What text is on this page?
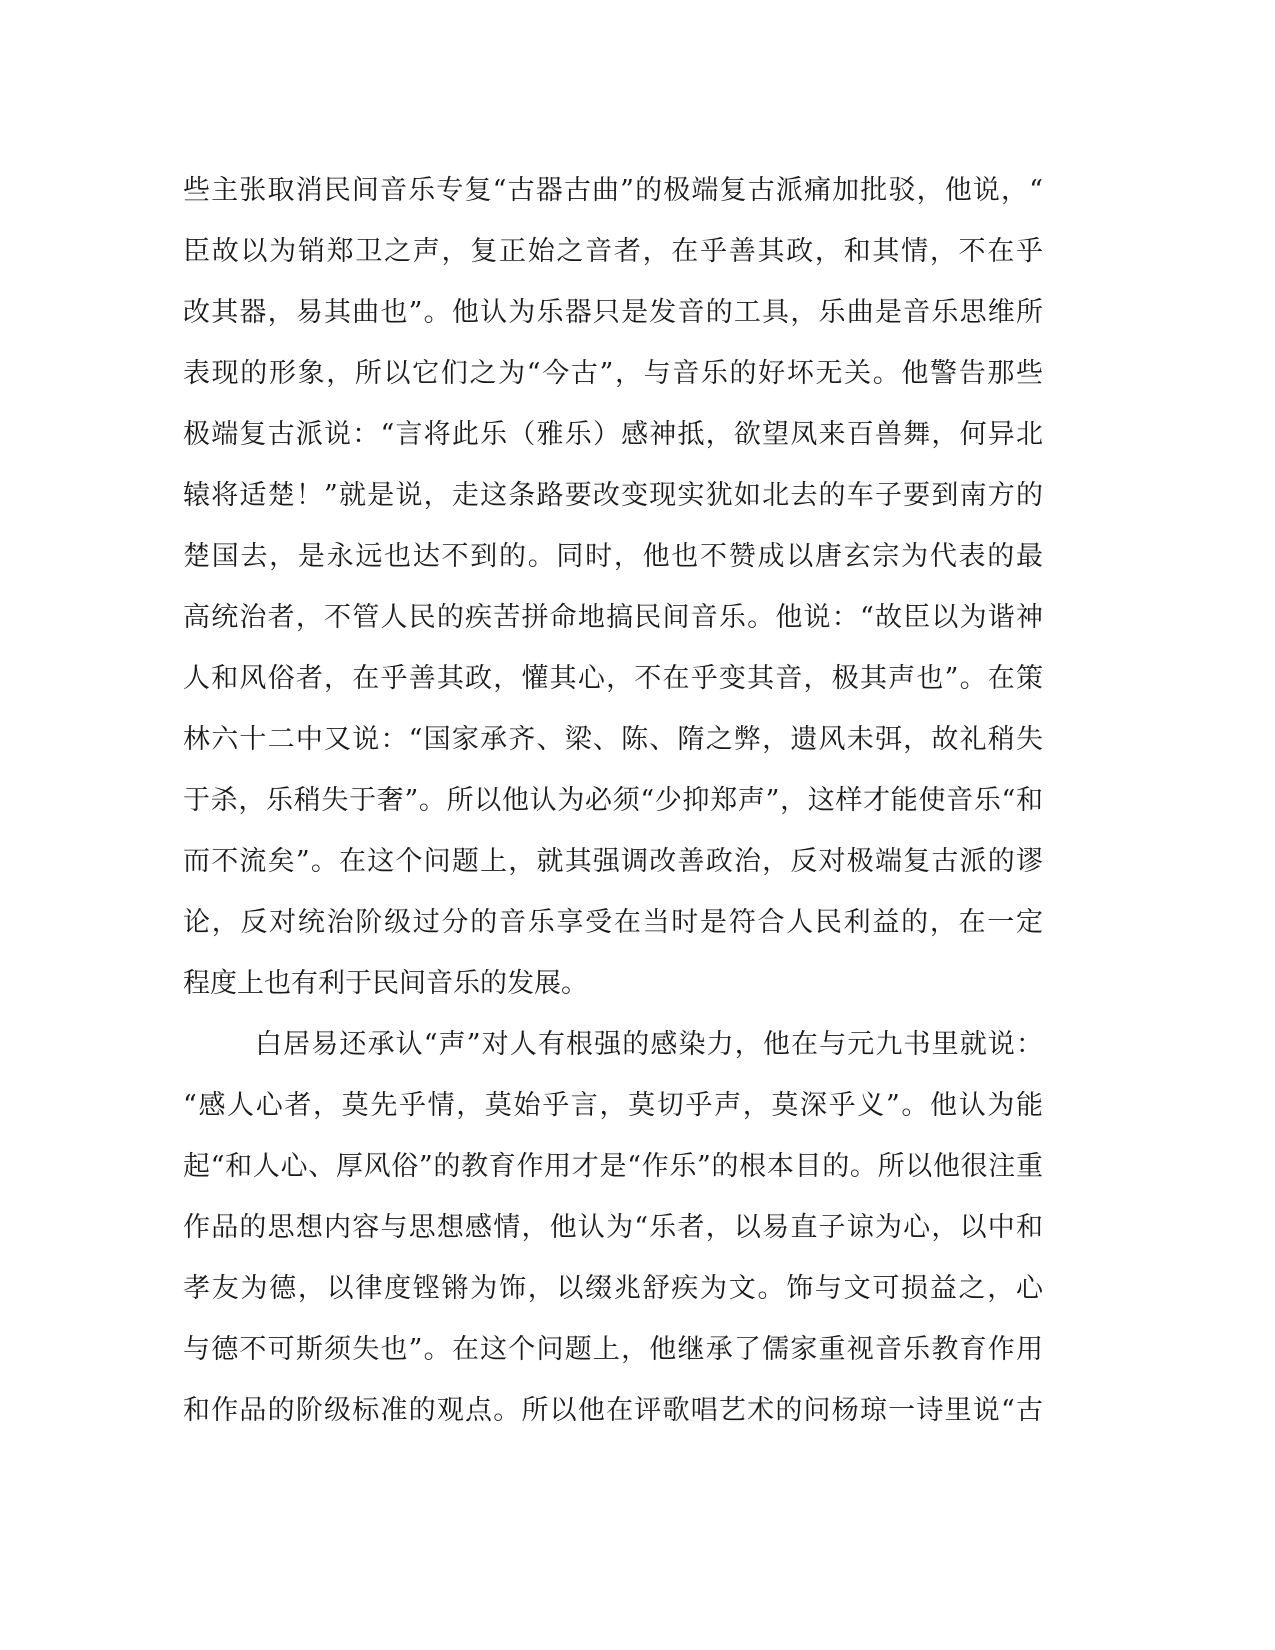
些主张取消民间音乐专复“古器古曲”的极端复古派痛加批驳，他说，“
臣故以为销郑卫之声，复正始之音者，在乎善其政，和其情，不在乎
改其器，易其曲也”。他认为乐器只是发音的工具，乐曲是音乐思维所
表现的形象，所以它们之为“今古”，与音乐的好坏无关。他警告那些
极端复古派说：“言将此乐（雅乐）感神抵，欲望凤来百兽舞，何异北
辕将适楚！”就是说，走这条路要改变现实犹如北去的车子要到南方的
楚国去，是永远也达不到的。同时，他也不赞成以唐玄宗为代表的最
高统治者，不管人民的疾苦拼命地搞民间音乐。他说：“故臣以为谐神
人和风俗者，在乎善其政，懽其心，不在乎变其音，极其声也”。在策
林六十二中又说：“国家承齐、梁、陈、隋之弊，遗风未弭，故礼稍失
于杀，乐稍失于奢”。所以他认为必须“少抑郑声”，这样才能使音乐“和
而不流矣”。在这个问题上，就其强调改善政治，反对极端复古派的谬
论，反对统治阶级过分的音乐享受在当时是符合人民利益的，在一定
程度上也有利于民间音乐的发展。
白居易还承认“声”对人有根强的感染力，他在与元九书里就说：
“感人心者，莫先乎情，莫始乎言，莫切乎声，莫深乎义”。他认为能
起“和人心、厚风俗”的教育作用才是“作乐”的根本目的。所以他很注重
作品的思想内容与思想感情，他认为“乐者，以易直子谅为心，以中和
孝友为德，以律度铿锵为饰，以缀兆舒疾为文。饰与文可损益之，心
与德不可斯须失也”。在这个问题上，他继承了儒家重视音乐教育作用
和作品的阶级标准的观点。所以他在评歌唱艺术的问杨琼一诗里说“古
